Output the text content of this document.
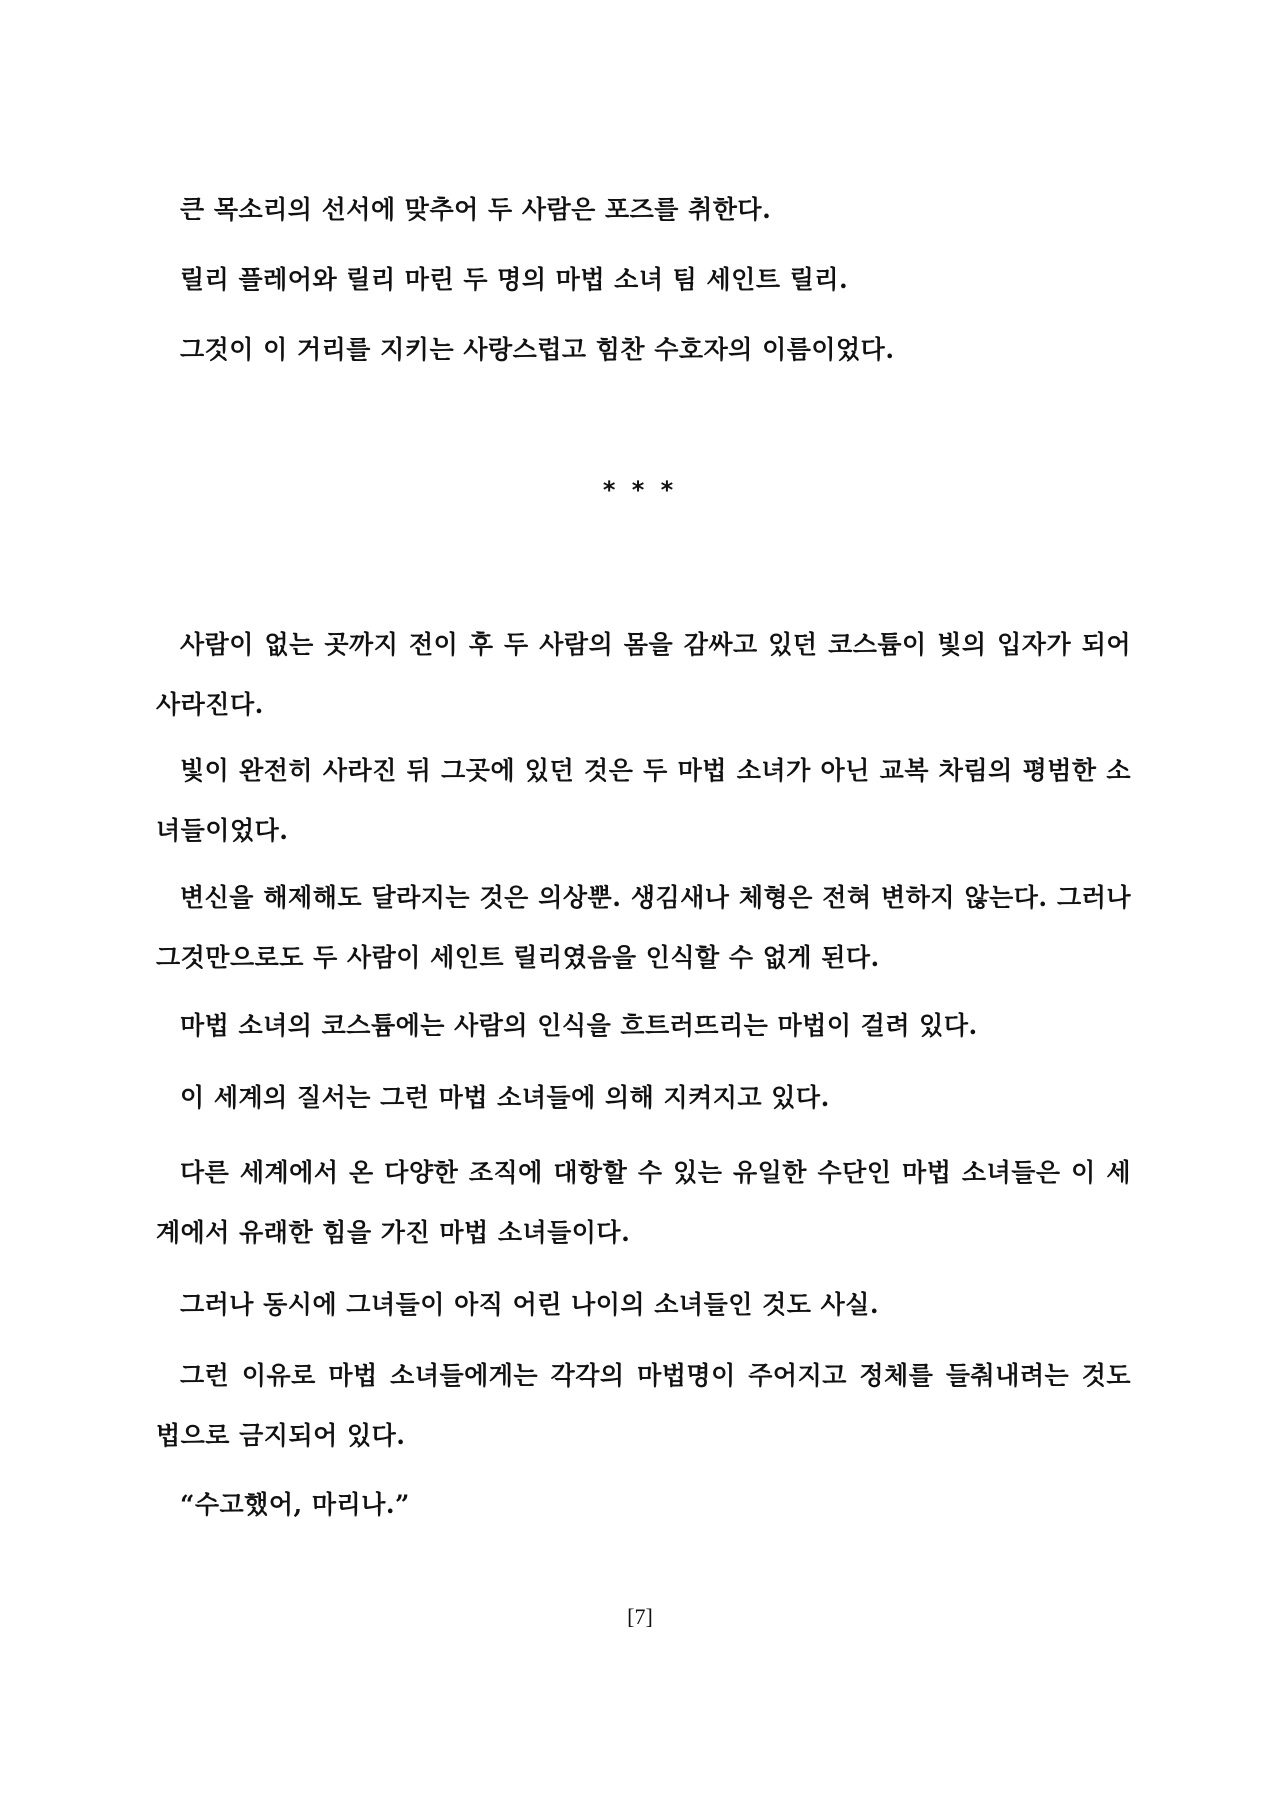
큰 목소리의 선서에 맞추어 두 사람은 포즈를 취한다.

릴리 플레어와 릴리 마린 두 명의 마법 소녀 팀 세인트 릴리.

그것이 이 거리를 지키는 사랑스럽고 힘찬 수호자의 이름이었다.

* * *

사람이 없는 곳까지 전이 후 두 사람의 몸을 감싸고 있던 코스튬이 빛의 입자가 되어 사라진다.

빛이 완전히 사라진 뒤 그곳에 있던 것은 두 마법 소녀가 아닌 교복 차림의 평범한 소녀들이었다.

변신을 해제해도 달라지는 것은 의상뿐. 생김새나 체형은 전혀 변하지 않는다. 그러나 그것만으로도 두 사람이 세인트 릴리였음을 인식할 수 없게 된다.

마법 소녀의 코스튬에는 사람의 인식을 흐트러뜨리는 마법이 걸려 있다.

이 세계의 질서는 그런 마법 소녀들에 의해 지켜지고 있다.

다른 세계에서 온 다양한 조직에 대항할 수 있는 유일한 수단인 마법 소녀들은 이 세계에서 유래한 힘을 가진 마법 소녀들이다.

그러나 동시에 그녀들이 아직 어린 나이의 소녀들인 것도 사실.

그런 이유로 마법 소녀들에게는 각각의 마법명이 주어지고 정체를 들춰내려는 것도 법으로 금지되어 있다.

“수고했어, 마리나.”

[7]
